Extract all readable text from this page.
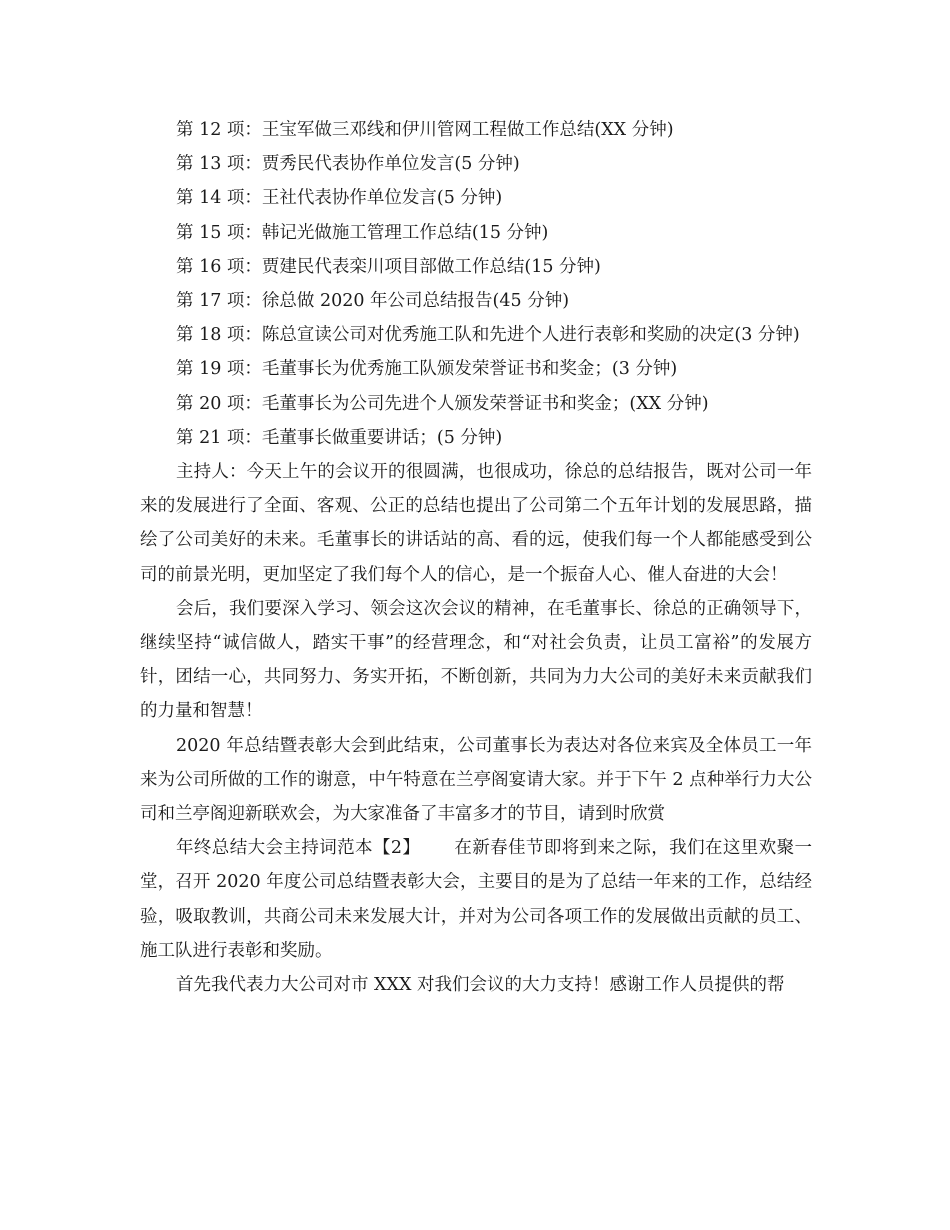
第 12 项：王宝军做三邓线和伊川管网工程做工作总结(XX 分钟)

第 13 项：贾秀民代表协作单位发言(5 分钟)

第 14 项：王社代表协作单位发言(5 分钟)

第 15 项：韩记光做施工管理工作总结(15 分钟)

第 16 项：贾建民代表栾川项目部做工作总结(15 分钟)

第 17 项：徐总做 2020 年公司总结报告(45 分钟)

第 18 项：陈总宣读公司对优秀施工队和先进个人进行表彰和奖励的决定(3 分钟)

第 19 项：毛董事长为优秀施工队颁发荣誉证书和奖金；(3 分钟)

第 20 项：毛董事长为公司先进个人颁发荣誉证书和奖金；(XX 分钟)

第 21 项：毛董事长做重要讲话；(5 分钟)

主持人：今天上午的会议开的很圆满，也很成功，徐总的总结报告，既对公司一年来的发展进行了全面、客观、公正的总结也提出了公司第二个五年计划的发展思路，描绘了公司美好的未来。毛董事长的讲话站的高、看的远，使我们每一个人都能感受到公司的前景光明，更加坚定了我们每个人的信心，是一个振奋人心、催人奋进的大会！

会后，我们要深入学习、领会这次会议的精神，在毛董事长、徐总的正确领导下，继续坚持“诚信做人，踏实干事”的经营理念，和“对社会负责，让员工富裕”的发展方针，团结一心，共同努力、务实开拓，不断创新，共同为力大公司的美好未来贡献我们的力量和智慧！

2020 年总结暨表彰大会到此结束，公司董事长为表达对各位来宾及全体员工一年来为公司所做的工作的谢意，中午特意在兰亭阁宴请大家。并于下午 2 点种举行力大公司和兰亭阁迎新联欢会，为大家准备了丰富多才的节目，请到时欣赏

年终总结大会主持词范本【2】 在新春佳节即将到来之际，我们在这里欢聚一堂，召开 2020 年度公司总结暨表彰大会，主要目的是为了总结一年来的工作，总结经验，吸取教训，共商公司未来发展大计，并对为公司各项工作的发展做出贡献的员工、施工队进行表彰和奖励。

首先我代表力大公司对市 XXX 对我们会议的大力支持！感谢工作人员提供的帮
